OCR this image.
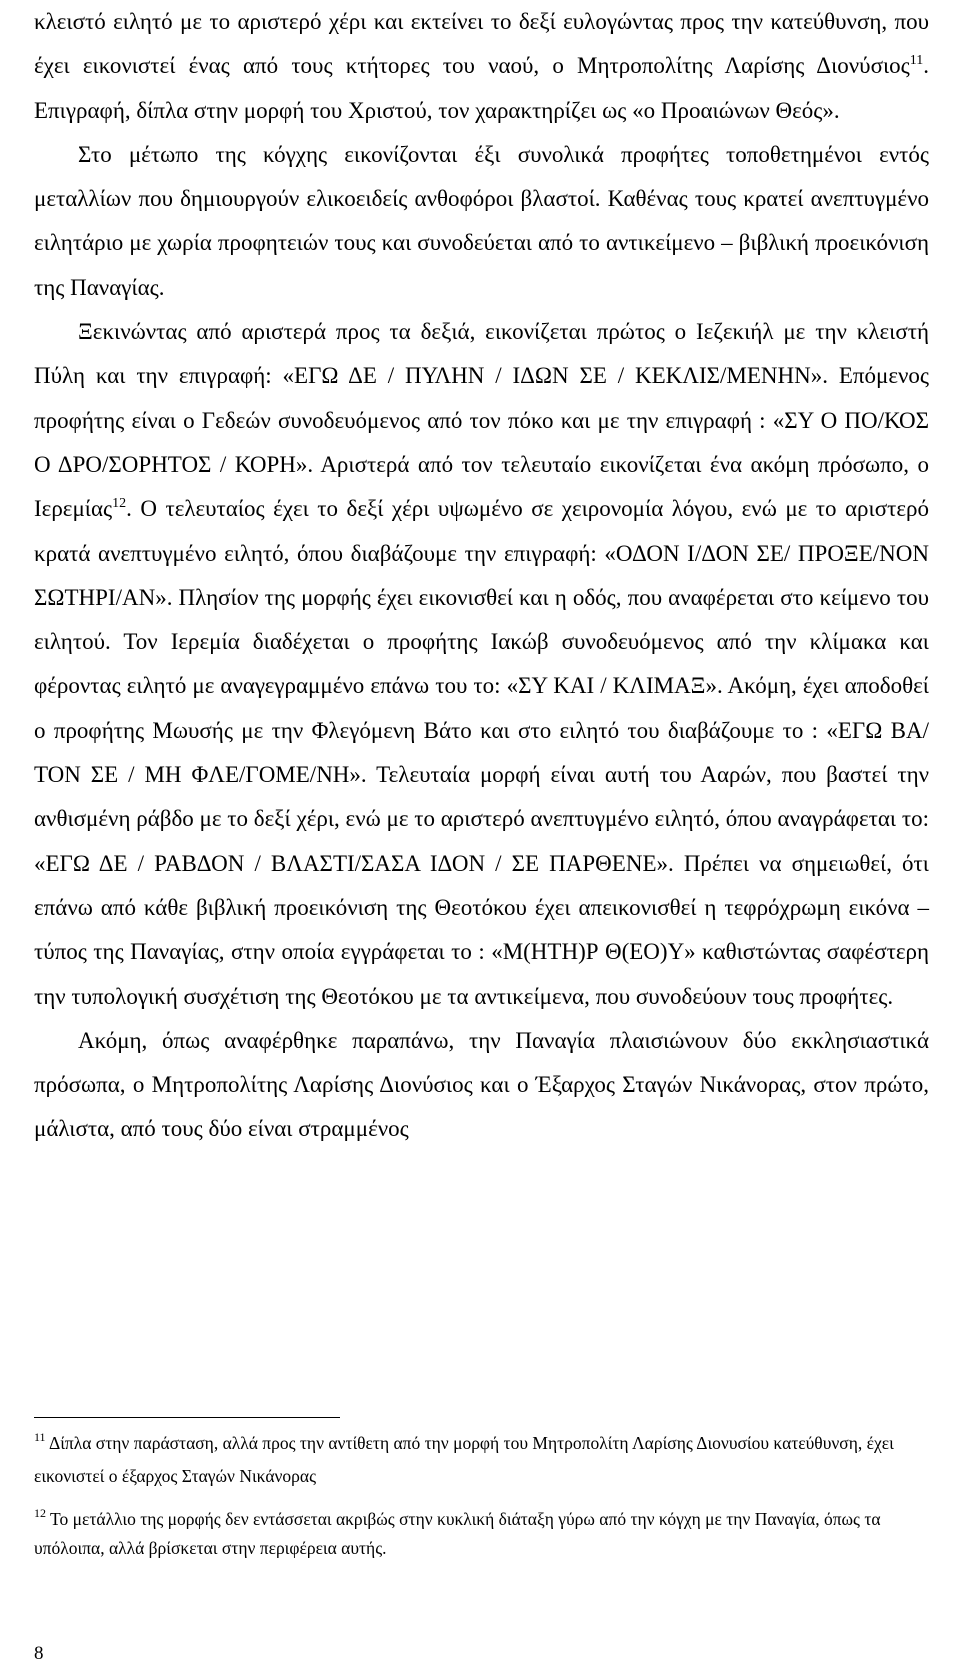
κλειστό ειλητό με το αριστερό χέρι και εκτείνει το δεξί ευλογώντας προς την κατεύθυνση, που έχει εικονιστεί ένας από τους κτήτορες του ναού, ο Μητροπολίτης Λαρίσης Διονύσιος$^{11}$. Επιγραφή, δίπλα στην μορφή του Χριστού, τον χαρακτηρίζει ως «ο Προαιώνων Θεός».

Στο μέτωπο της κόγχης εικονίζονται έξι συνολικά προφήτες τοποθετημένοι εντός μεταλλίων που δημιουργούν ελικοειδείς ανθοφόροι βλαστοί. Καθένας τους κρατεί ανεπτυγμένο ειλητάριο με χωρία προφητειών τους και συνοδεύεται από το αντικείμενο – βιβλική προεικόνιση της Παναγίας.

Ξεκινώντας από αριστερά προς τα δεξιά, εικονίζεται πρώτος ο Ιεζεκιήλ με την κλειστή Πύλη και την επιγραφή: «ΕΓΩ ΔΕ / ΠΥΛΗΝ / ΙΔΩΝ ΣΕ / ΚΕΚΛΙΣ/ΜΕΝΗΝ». Επόμενος προφήτης είναι ο Γεδεών συνοδευόμενος από τον πόκο και με την επιγραφή : «ΣΥ Ο ΠΟ/ΚΟΣ Ο ΔΡΟ/ΣΟΡΗΤΟΣ / ΚΟΡΗ». Αριστερά από τον τελευταίο εικονίζεται ένα ακόμη πρόσωπο, ο Ιερεμίας$^{12}$. Ο τελευταίος έχει το δεξί χέρι υψωμένο σε χειρονομία λόγου, ενώ με το αριστερό κρατά ανεπτυγμένο ειλητό, όπου διαβάζουμε την επιγραφή: «ΟΔΟΝ Ι/ΔΟΝ ΣΕ/ ΠΡΟΞΕ/ΝΟΝ ΣΩΤΗΡΙ/ΑΝ». Πλησίον της μορφής έχει εικονισθεί και η οδός, που αναφέρεται στο κείμενο του ειλητού. Τον Ιερεμία διαδέχεται ο προφήτης Ιακώβ συνοδευόμενος από την κλίμακα και φέροντας ειλητό με αναγεγραμμένο επάνω του το: «ΣΥ ΚΑΙ / ΚΛΙΜΑΞ». Ακόμη, έχει αποδοθεί ο προφήτης Μωυσής με την Φλεγόμενη Βάτο και στο ειλητό του διαβάζουμε το : «ΕΓΩ ΒΑ/ΤΟΝ ΣΕ / ΜΗ ΦΛΕ/ΓΟΜΕ/ΝΗ». Τελευταία μορφή είναι αυτή του Ααρών, που βαστεί την ανθισμένη ράβδο με το δεξί χέρι, ενώ με το αριστερό ανεπτυγμένο ειλητό, όπου αναγράφεται το: «ΕΓΩ ΔΕ / ΡΑΒΔΟΝ / ΒΛΑΣΤΙ/ΣΑΣΑ ΙΔΟΝ / ΣΕ ΠΑΡΘΕΝΕ». Πρέπει να σημειωθεί, ότι επάνω από κάθε βιβλική προεικόνιση της Θεοτόκου έχει απεικονισθεί η τεφρόχρωμη εικόνα – τύπος της Παναγίας, στην οποία εγγράφεται το : «Μ(ΗΤΗ)Ρ Θ(ΕΟ)Υ» καθιστώντας σαφέστερη την τυπολογική συσχέτιση της Θεοτόκου με τα αντικείμενα, που συνοδεύουν τους προφήτες.

Ακόμη, όπως αναφέρθηκε παραπάνω, την Παναγία πλαισιώνουν δύο εκκλησιαστικά πρόσωπα, ο Μητροπολίτης Λαρίσης Διονύσιος και ο Έξαρχος Σταγών Νικάνορας, στον πρώτο, μάλιστα, από τους δύο είναι στραμμένος

$^{11}$ Δίπλα στην παράσταση, αλλά προς την αντίθετη από την μορφή του Μητροπολίτη Λαρίσης Διονυσίου κατεύθυνση, έχει εικονιστεί ο έξαρχος Σταγών Νικάνορας

$^{12}$ Το μετάλλιο της μορφής δεν εντάσσεται ακριβώς στην κυκλική διάταξη γύρω από την κόγχη με την Παναγία, όπως τα υπόλοιπα, αλλά βρίσκεται στην περιφέρεια αυτής.

8
